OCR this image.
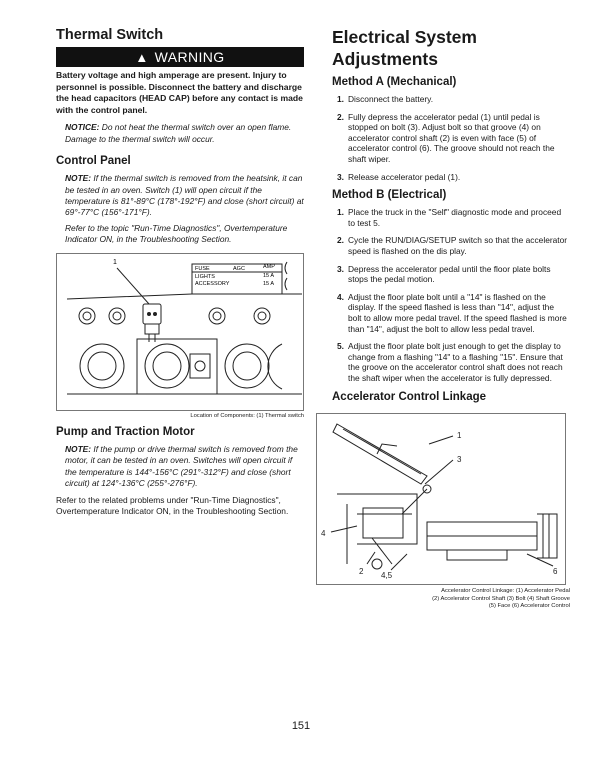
Thermal Switch
▲ WARNING

Battery voltage and high amperage are present. Injury to personnel is possible. Disconnect the battery and discharge the head capacitors (HEAD CAP) before any contact is made with the control panel.

NOTICE: Do not heat the thermal switch over an open flame. Damage to the thermal switch will occur.

Control Panel

NOTE: If the thermal switch is removed from the heatsink, it can be tested in an oven. Switch (1) will open circuit if the temperature is 81°-89°C (178°-192°F) and close (short circuit) at 69°-77°C (156°-171°F).

Refer to the topic "Run-Time Diagnostics", Overtemperature Indicator ON, in the Troubleshooting Section.

1
FUSE
LIGHTS
ACCESSORY
AGC	AMP
15 A
15 A

Location of Components: (1) Thermal switch

Pump and Traction Motor

NOTE: If the pump or drive thermal switch is removed from the motor, it can be tested in an oven. Switches will open circuit if the temperature is 144°-156°C (291°-312°F) and close (short circuit) at 124°-136°C (255°-276°F).

Refer to the related problems under "Run-Time Diagnostics", Overtemperature Indicator ON, in the Troubleshooting Section.

Electrical System Adjustments
Method A (Mechanical)
1. Disconnect the battery.
2. Fully depress the accelerator pedal (1) until pedal is stopped on bolt (3). Adjust bolt so that groove (4) on accelerator control shaft (2) is even with face (5) of accelerator control (6). The groove should not reach the shaft wiper.
3. Release accelerator pedal (1).
Method B (Electrical)
1. Place the truck in the "Self" diagnostic mode and proceed to test 5.
2. Cycle the RUN/DIAG/SETUP switch so that the accelerator speed is flashed on the dis play.
3. Depress the accelerator pedal until the floor plate bolts stops the pedal motion.
4. Adjust the floor plate bolt until a "14" is flashed on the display. If the speed flashed is less than "14", adjust the bolt to allow more pedal travel. If the speed flashed is more than "14", adjust the bolt to allow less pedal travel.
5. Adjust the floor plate bolt just enough to get the display to change from a flashing "14" to a flashing "15". Ensure that the groove on the accelerator control shaft does not reach the shaft wiper when the accelerator is fully depressed.
Accelerator Control Linkage
1
3
4
2 4,5	6
Accelerator Control Linkage: (1) Accelerator Pedal
(2) Accelerator Control Shaft (3) Bolt (4) Shaft Groove
(5) Face (6) Accelerator Control
151
